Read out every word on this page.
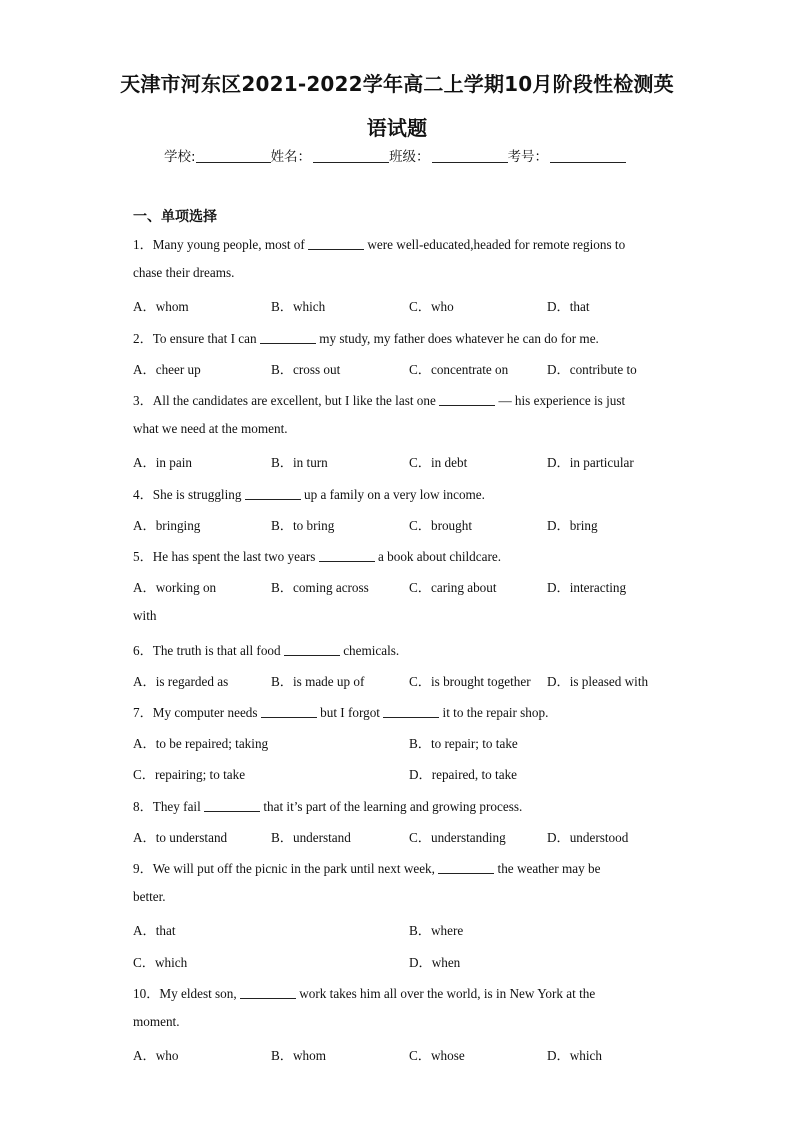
天津市河东区2021-2022学年高二上学期10月阶段性检测英
语试题
学校:	姓名：	班级：	考号：
一、单项选择
1．Many young people, most of	were well-educated,headed for remote regions to
chase their dreams.
A．whom	B．which	C．who	D．that
2．To ensure that I can	my study, my father does whatever he can do for me.
A．cheer up	B．cross out	C．concentrate on	D．contribute to
3．All the candidates are excellent, but I like the last one	— his experience is just
what we need at the moment.
A．in pain	B．in turn	C．in debt	D．in particular
4．She is struggling	up a family on a very low income.
A．bringing	B．to bring	C．brought	D．bring
5．He has spent the last two years	a book about childcare.
A．working on	B．coming across	C．caring about	D．interacting
with
6．The truth is that all food	chemicals.
A．is regarded as	B．is made up of	C．is brought together D．is pleased with
7．My computer needs	but I forgot	it to the repair shop.
A．to be repaired; taking	B．to repair; to take
C．repairing; to take	D．repaired, to take
8．They fail	that it’s part of the learning and growing process.
A．to understand	B．understand	C．understanding	D．understood
9．We will put off the picnic in the park until next week,	the weather may be
better.
A．that	B．where
C．which	D．when
10．My eldest son,	work takes him all over the world, is in New York at the
moment.
A．who	B．whom	C．whose	D．which
